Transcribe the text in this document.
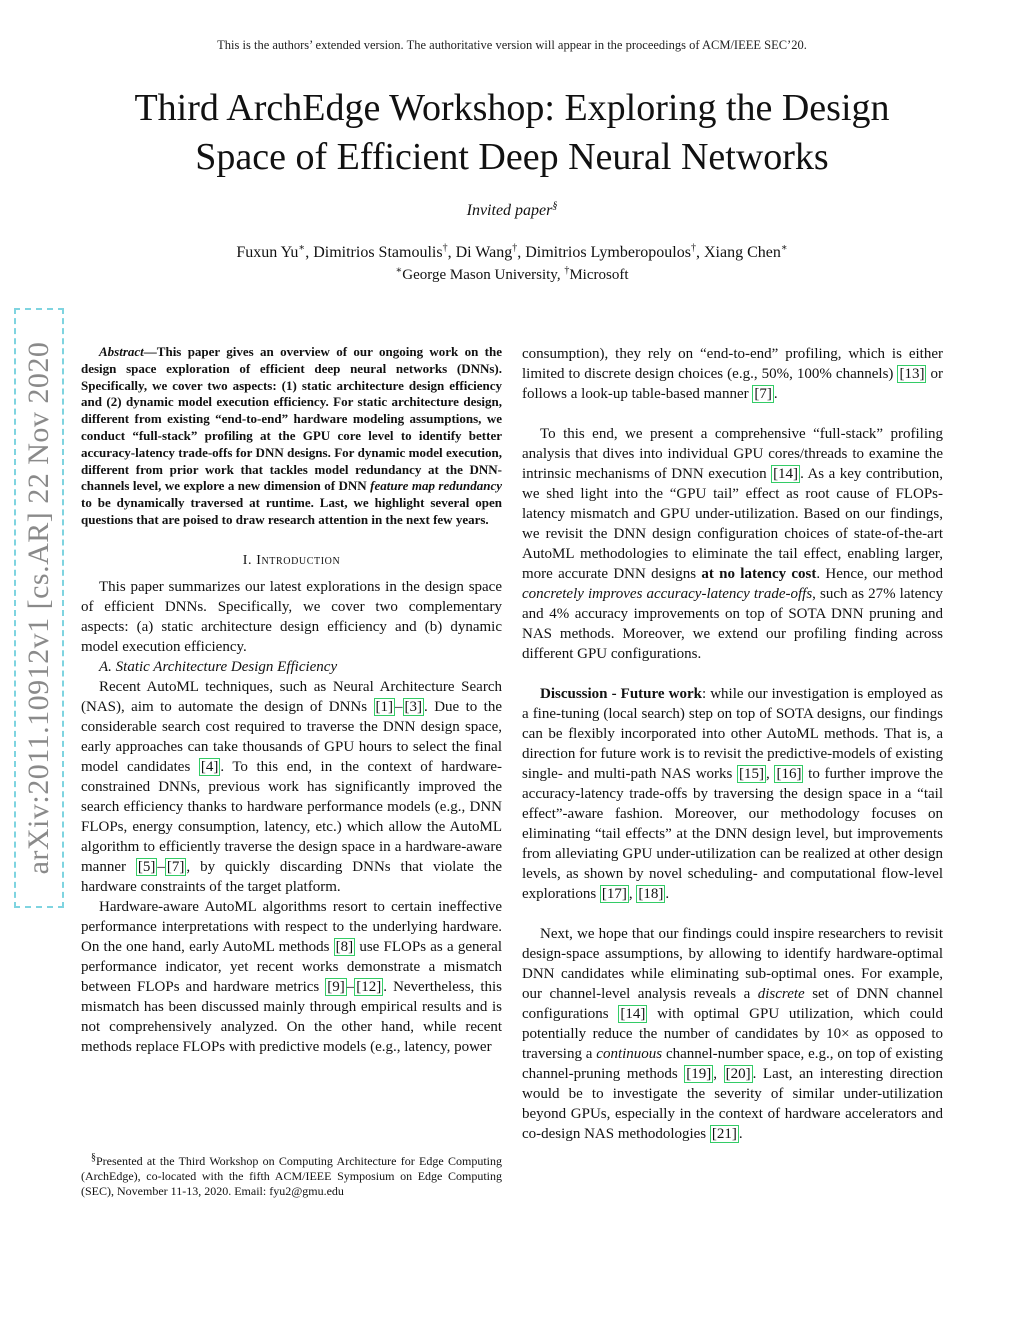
This is the authors’ extended version. The authoritative version will appear in the proceedings of ACM/IEEE SEC’20.
Third ArchEdge Workshop: Exploring the Design
Space of Efficient Deep Neural Networks
Invited paper§
Fuxun Yu∗, Dimitrios Stamoulis†, Di Wang†, Dimitrios Lymberopoulos†, Xiang Chen∗
∗George Mason University, †Microsoft
arXiv:2011.10912v1 [cs.AR] 22 Nov 2020	Abstract—This paper gives an overview of our ongoing work on the design space exploration of efficient deep neural networks (DNNs). Specifically, we cover two aspects: (1) static architecture design efficiency and (2) dynamic model execution efficiency. For static architecture design, different from existing “end-to-end” hardware modeling assumptions, we conduct “full-stack” profiling at the GPU core level to identify better accuracy-latency trade-offs for DNN designs. For dynamic model execution, different from prior work that tackles model redundancy at the DNN-channels level, we explore a new dimension of DNN feature map redundancy to be dynamically traversed at runtime. Last, we highlight several open questions that are poised to draw research attention in the next few years.

I. Introduction

This paper summarizes our latest explorations in the design space of efficient DNNs. Specifically, we cover two complementary aspects: (a) static architecture design efficiency and (b) dynamic model execution efficiency.

A. Static Architecture Design Efficiency

Recent AutoML techniques, such as Neural Architecture Search (NAS), aim to automate the design of DNNs [1] – [3] . Due to the considerable search cost required to traverse the DNN design space, early approaches can take thousands of GPU hours to select the final model candidates [4] . To this end, in the context of hardware-constrained DNNs, previous work has significantly improved the search efficiency thanks to hardware performance models (e.g., DNN FLOPs, energy consumption, latency, etc.) which allow the AutoML algorithm to efficiently traverse the design space in a hardware-aware manner [5] – [7] , by quickly discarding DNNs that violate the hardware constraints of the target platform.

Hardware-aware AutoML algorithms resort to certain ineffective performance interpretations with respect to the underlying hardware. On the one hand, early AutoML methods [8] use FLOPs as a general performance indicator, yet recent works demonstrate a mismatch between FLOPs and hardware metrics [9] – [12] . Nevertheless, this mismatch has been discussed mainly through empirical results and is not comprehensively analyzed. On the other hand, while recent methods replace FLOPs with predictive models (e.g., latency, power

§Presented at the Third Workshop on Computing Architecture for Edge Computing (ArchEdge), co-located with the fifth ACM/IEEE Symposium on Edge Computing (SEC), November 11-13, 2020. Email: fyu2@gmu.edu

consumption), they rely on “end-to-end” profiling, which is either limited to discrete design choices (e.g., 50%, 100% channels) [13] or follows a look-up table-based manner [7] .

To this end, we present a comprehensive “full-stack” profiling analysis that dives into individual GPU cores/threads to examine the intrinsic mechanisms of DNN execution [14] . As a key contribution, we shed light into the “GPU tail” effect as root cause of FLOPs-latency mismatch and GPU under-utilization. Based on our findings, we revisit the DNN design configuration choices of state-of-the-art AutoML methodologies to eliminate the tail effect, enabling larger, more accurate DNN designs at no latency cost. Hence, our method concretely improves accuracy-latency trade-offs, such as 27% latency and 4% accuracy improvements on top of SOTA DNN pruning and NAS methods. Moreover, we extend our profiling finding across different GPU configurations.

Discussion - Future work: while our investigation is employed as a fine-tuning (local search) step on top of SOTA designs, our findings can be flexibly incorporated into other AutoML methods. That is, a direction for future work is to revisit the predictive-models of existing single- and multi-path NAS works [15] , [16] to further improve the accuracy-latency trade-offs by traversing the design space in a “tail effect”-aware fashion. Moreover, our methodology focuses on eliminating “tail effects” at the DNN design level, but improvements from alleviating GPU under-utilization can be realized at other design levels, as shown by novel scheduling- and computational flow-level explorations [17] , [18] .

Next, we hope that our findings could inspire researchers to revisit design-space assumptions, by allowing to identify hardware-optimal DNN candidates while eliminating sub-optimal ones. For example, our channel-level analysis reveals a discrete set of DNN channel configurations [14] with optimal GPU utilization, which could potentially reduce the number of candidates by 10× as opposed to traversing a continuous channel-number space, e.g., on top of existing channel-pruning methods [19] , [20] . Last, an interesting direction would be to investigate the severity of similar under-utilization beyond GPUs, especially in the context of hardware accelerators and co-design NAS methodologies [21] .
